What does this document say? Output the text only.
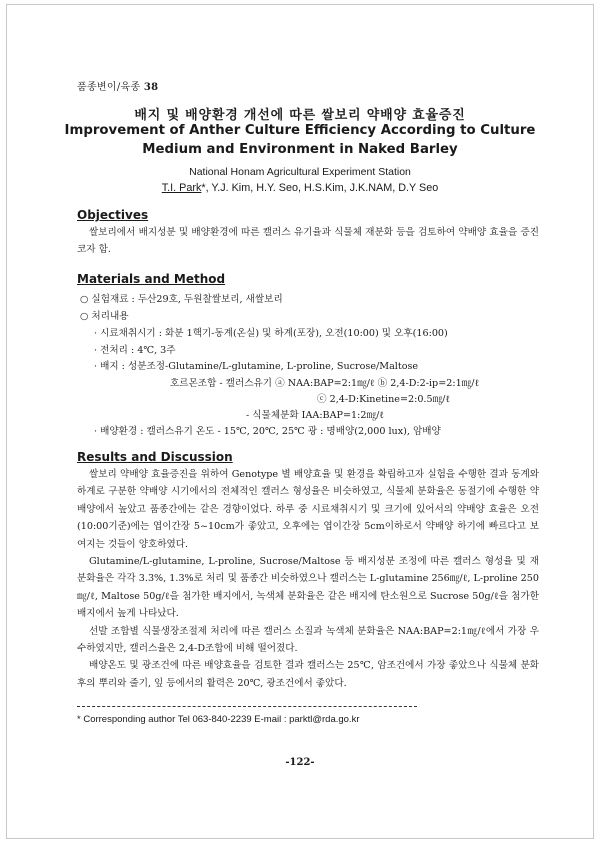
품종변이/육종 38
배지 및 배양환경 개선에 따른 쌀보리 약배양 효율증진
Improvement of Anther Culture Efficiency According to Culture
Medium and Environment in Naked Barley
National Honam Agricultural Experiment Station
T.I. Park*, Y.J. Kim, H.Y. Seo, H.S.Kim, J.K.NAM, D.Y Seo
Objectives

쌀보리에서 배지성분 및 배양환경에 따른 캘러스 유기율과 식물체 재분화 등을 검토하여 약배양 효율을 증진코자 함.

Materials and Method
○ 실험재료 : 두산29호, 두원찰쌀보리, 새쌀보리
○ 처리내용
· 시료채취시기 : 화분 1핵기-동계(온실) 및 하계(포장), 오전(10:00) 및 오후(16:00)
· 전처리 : 4℃, 3주
· 배지 : 성분조정-Glutamine/L-glutamine, L-proline, Sucrose/Maltose
호르몬조합 - 캘러스유기 ⓐ NAA:BAP=2:1㎎/ℓ ⓑ 2,4-D:2-ip=2:1㎎/ℓ
ⓒ 2,4-D:Kinetine=2:0.5㎎/ℓ
- 식물체분화 IAA:BAP=1:2㎎/ℓ
· 배양환경 : 캘러스유기 온도 - 15℃, 20℃, 25℃ 광 : 명배양(2,000 lux), 암배양
Results and Discussion

쌀보리 약배양 효율증진을 위하여 Genotype 별 배양효율 및 환경을 확립하고자 실험을 수행한 결과 동계와 하계로 구분한 약배양 시기에서의 전체적인 캘러스 형성율은 비슷하였고, 식물체 분화율은 동절기에 수행한 약배양에서 높았고 품종간에는 같은 경향이었다. 하루 중 시료채취시기 및 크기에 있어서의 약배양 효율은 오전(10:00기준)에는 엽이간장 5~10cm가 좋았고, 오후에는 엽이간장 5cm이하로서 약배양 하기에 빠르다고 보여지는 것들이 양호하였다.

Glutamine/L-glutamine, L-proline, Sucrose/Maltose 등 배지성분 조정에 따른 캘러스 형성율 및 재분화율은 각각 3.3%, 1.3%로 처리 및 품종간 비슷하였으나 캘러스는 L-glutamine 256㎎/ℓ, L-proline 250㎎/ℓ, Maltose 50g/ℓ을 첨가한 배지에서, 녹색체 분화율은 같은 배지에 탄소원으로 Sucrose 50g/ℓ을 첨가한 배지에서 높게 나타났다.

선발 조합별 식물생장조절제 처리에 따른 캘러스 소질과 녹색체 분화율은 NAA:BAP=2:1㎎/ℓ에서 가장 우수하였지만, 캘러스율은 2,4-D조합에 비해 떨어졌다.

배양온도 및 광조건에 따른 배양효율을 검토한 결과 캘러스는 25℃, 암조건에서 가장 좋았으나 식물체 분화후의 뿌리와 줄기, 잎 등에서의 활력은 20℃, 광조건에서 좋았다.

* Corresponding author Tel 063-840-2239 E-mail : parktl@rda.go.kr
-122-
